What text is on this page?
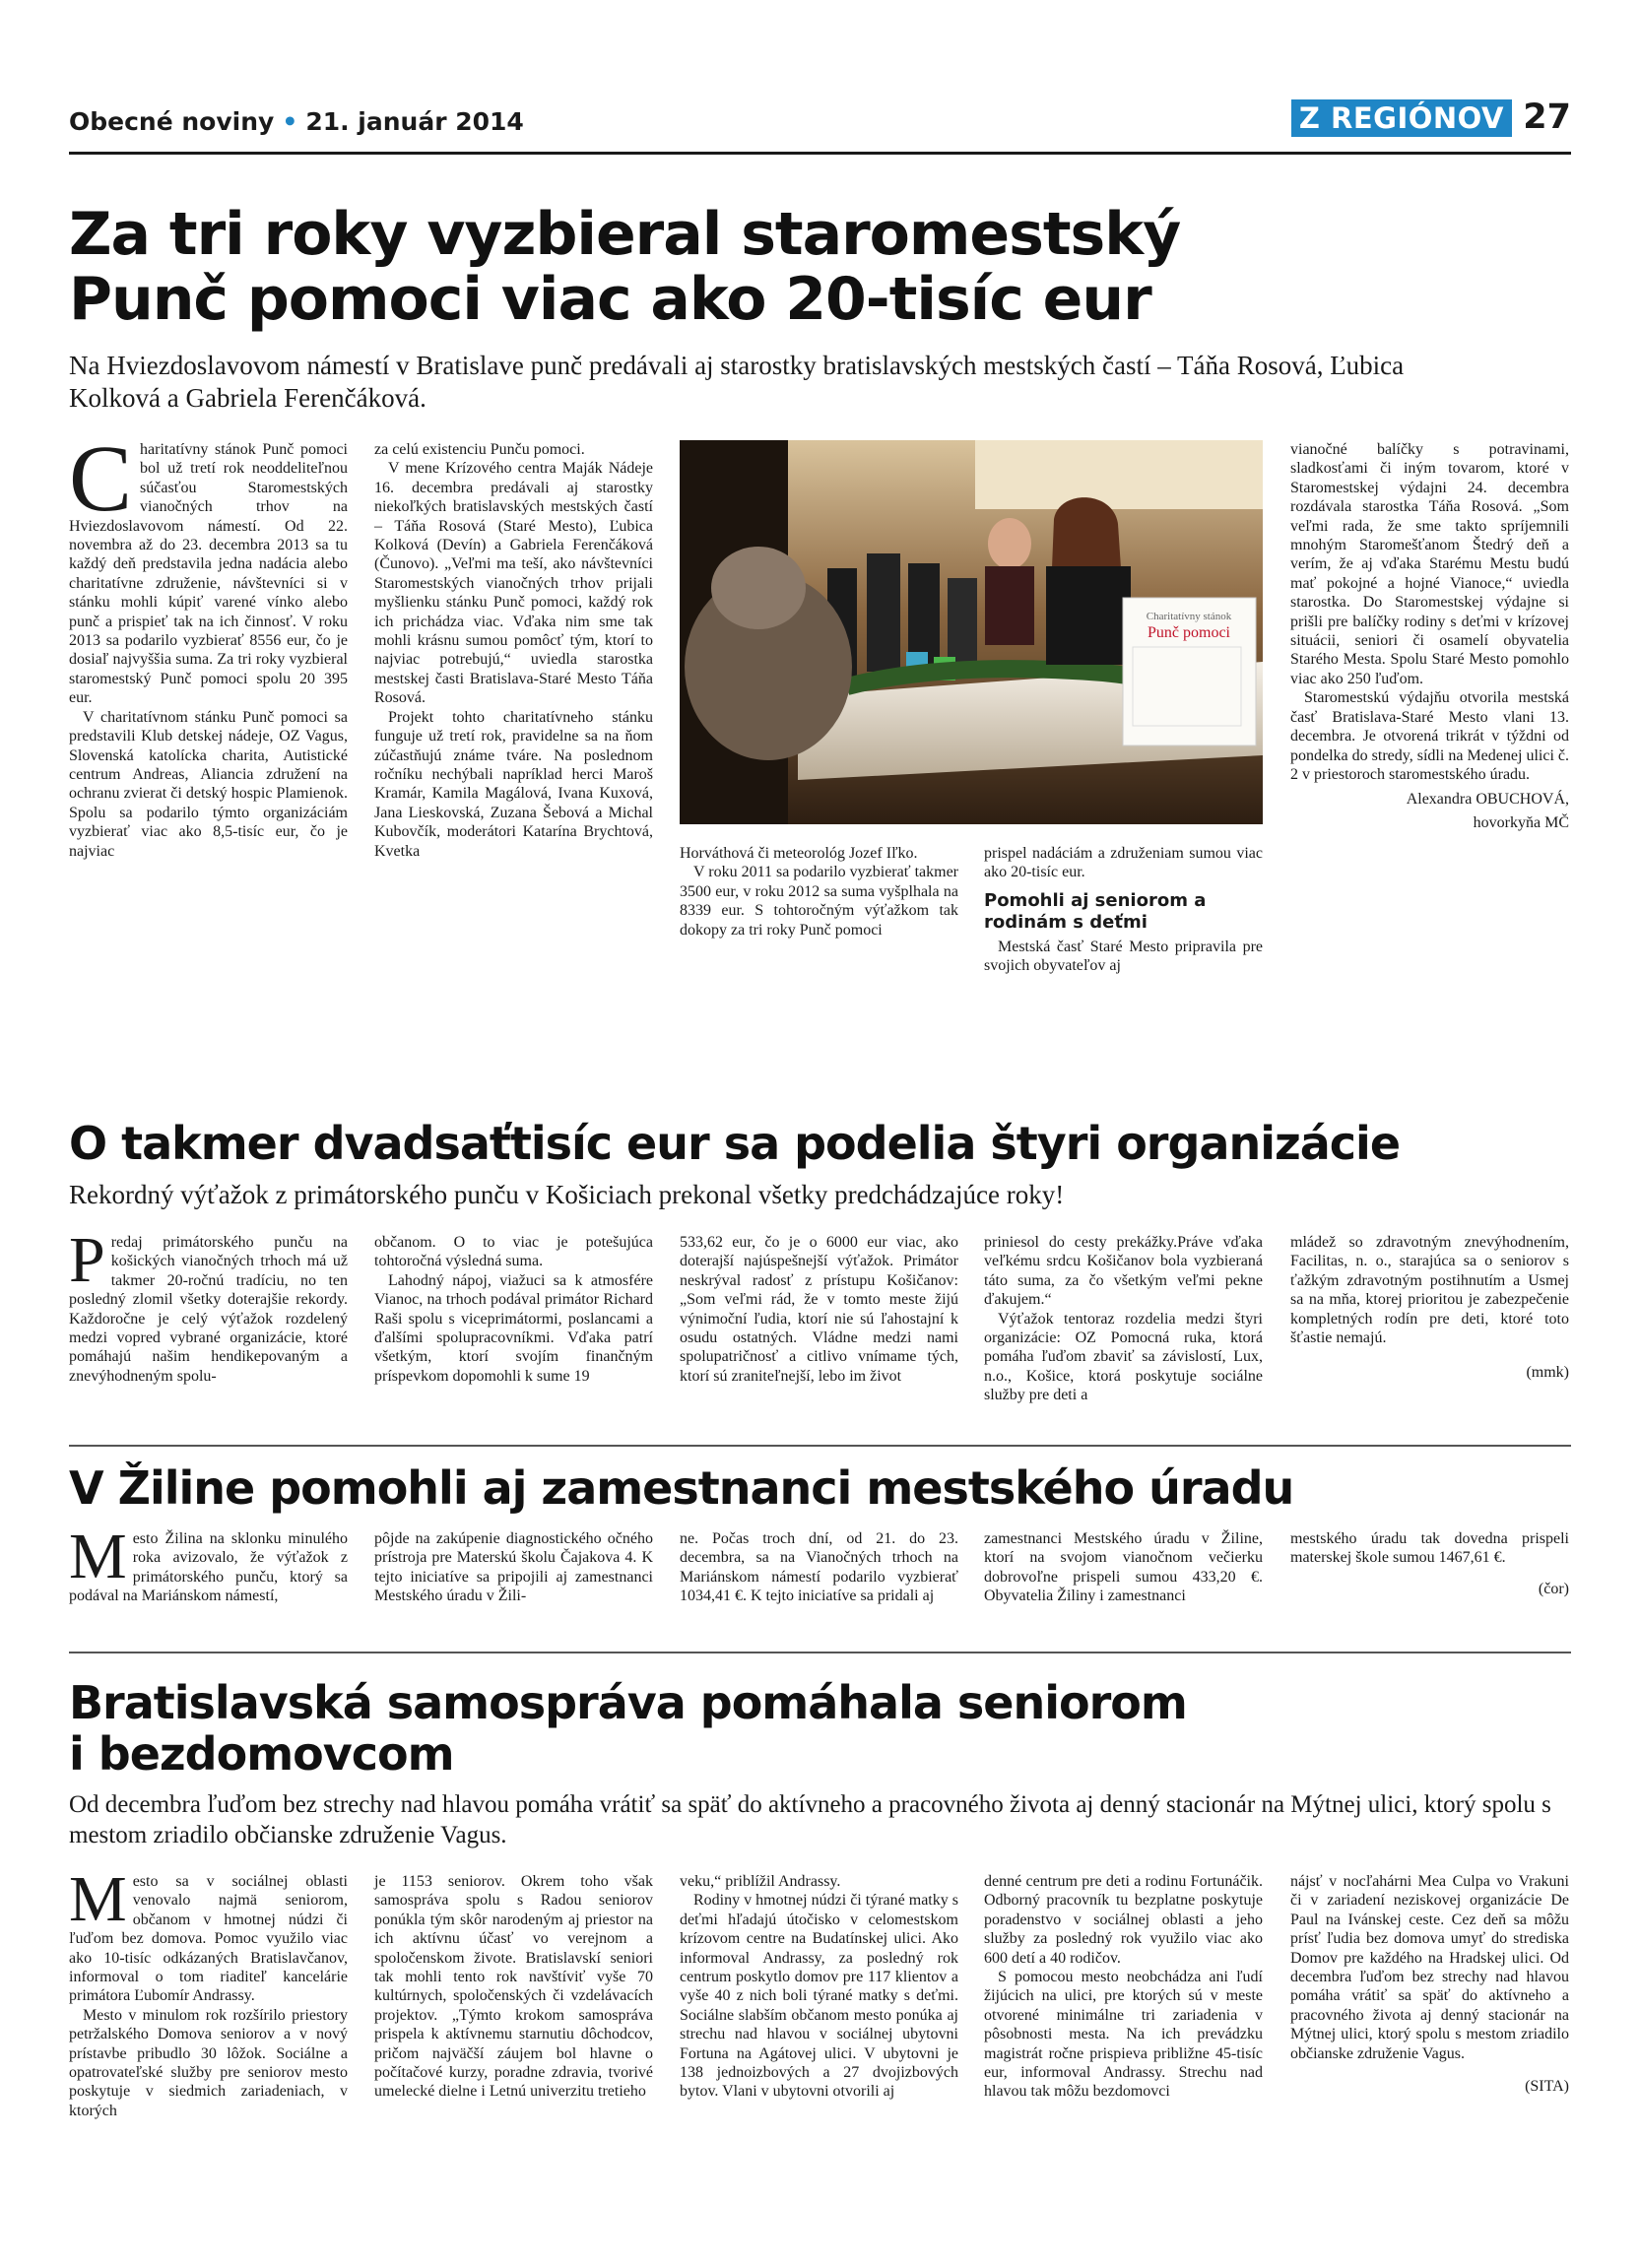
Obecné noviny • 21. január 2014	Z REGIÓNOV 27
Za tri roky vyzbieral staromestský
Punč pomoci viac ako 20-tisíc eur
Na Hviezdoslavovom námestí v Bratislave punč predávali aj starostky bratislavských mestských častí – Táňa Rosová, Ľubica Kolková a Gabriela Ferenčáková.

Charitatívny stánok Punč pomoci bol už tretí rok neoddeliteľnou súčasťou Staromestských vianočných trhov na Hviezdoslavovom námestí. Od 22. novembra až do 23. decembra 2013 sa tu každý deň predstavila jedna nadácia alebo charitatívne združenie, návštevníci si v stánku mohli kúpiť varené vínko alebo punč a prispieť tak na ich činnosť. V roku 2013 sa podarilo vyzbierať 8556 eur, čo je dosiaľ najvyššia suma. Za tri roky vyzbieral staromestský Punč pomoci spolu 20 395 eur.

V charitatívnom stánku Punč pomoci sa predstavili Klub detskej nádeje, OZ Vagus, Slovenská katolícka charita, Autistické centrum Andreas, Aliancia združení na ochranu zvierat či detský hospic Plamienok. Spolu sa podarilo týmto organizáciám vyzbierať viac ako 8,5-tisíc eur, čo je najviac

za celú existenciu Punču pomoci.

V mene Krízového centra Maják Nádeje 16. decembra predávali aj starostky niekoľkých bratislavských mestských častí – Táňa Rosová (Staré Mesto), Ľubica Kolková (Devín) a Gabriela Ferenčáková (Čunovo). „Veľmi ma teší, ako návštevníci Staromestských vianočných trhov prijali myšlienku stánku Punč pomoci, každý rok ich prichádza viac. Vďaka nim sme tak mohli krásnu sumou pomôcť tým, ktorí to najviac potrebujú,“ uviedla starostka mestskej časti Bratislava-Staré Mesto Táňa Rosová.

Projekt tohto charitatívneho stánku funguje už tretí rok, pravidelne sa na ňom zúčastňujú známe tváre. Na poslednom ročníku nechýbali napríklad herci Maroš Kramár, Kamila Magálová, Ivana Kuxová, Jana Lieskovská, Zuzana Šebová a Michal Kubovčík, moderátori Katarína Brychtová, Kvetka

Charitatívny stánok
Punč pomoci

Horváthová či meteorológ Jozef Iľko.

V roku 2011 sa podarilo vyzbierať takmer 3500 eur, v roku 2012 sa suma vyšplhala na 8339 eur. S tohtoročným výťažkom tak dokopy za tri roky Punč pomoci

prispel nadáciám a združeniam sumou viac ako 20-tisíc eur.

Pomohli aj seniorom a rodinám s deťmi

Mestská časť Staré Mesto pripravila pre svojich obyvateľov aj

vianočné balíčky s potravinami, sladkosťami či iným tovarom, ktoré v Staromestskej výdajni 24. decembra rozdávala starostka Táňa Rosová. „Som veľmi rada, že sme takto spríjemnili mnohým Staromešťanom Štedrý deň a verím, že aj vďaka Starému Mestu budú mať pokojné a hojné Vianoce,“ uviedla starostka. Do Staromestskej výdajne si prišli pre balíčky rodiny s deťmi v krízovej situácii, seniori či osamelí obyvatelia Starého Mesta. Spolu Staré Mesto pomohlo viac ako 250 ľuďom.

Staromestskú výdajňu otvorila mestská časť Bratislava-Staré Mesto vlani 13. decembra. Je otvorená trikrát v týždni od pondelka do stredy, sídli na Medenej ulici č. 2 v priestoroch staromestského úradu.

Alexandra OBUCHOVÁ,

hovorkyňa MČ

O takmer dvadsaťtisíc eur sa podelia štyri organizácie
Rekordný výťažok z primátorského punču v Košiciach prekonal všetky predchádzajúce roky!

Predaj primátorského punču na košických vianočných trhoch má už takmer 20-ročnú tradíciu, no ten posledný zlomil všetky doterajšie rekordy. Každoročne je celý výťažok rozdelený medzi vopred vybrané organizácie, ktoré pomáhajú našim hendikepovaným a znevýhodneným spolu-

občanom. O to viac je potešujúca tohtoročná výsledná suma.

Lahodný nápoj, viažuci sa k atmosfére Vianoc, na trhoch podával primátor Richard Raši spolu s viceprimátormi, poslancami a ďalšími spolupracovníkmi. Vďaka patrí všetkým, ktorí svojím finančným príspevkom dopomohli k sume 19

533,62 eur, čo je o 6000 eur viac, ako doterajší najúspešnejší výťažok. Primátor neskrýval radosť z prístupu Košičanov: „Som veľmi rád, že v tomto meste žijú výnimoční ľudia, ktorí nie sú ľahostajní k osudu ostatných. Vládne medzi nami spolupatričnosť a citlivo vnímame tých, ktorí sú zraniteľnejší, lebo im život

priniesol do cesty prekážky.Práve vďaka veľkému srdcu Košičanov bola vyzbieraná táto suma, za čo všetkým veľmi pekne ďakujem.“

Výťažok tentoraz rozdelia medzi štyri organizácie: OZ Pomocná ruka, ktorá pomáha ľuďom zbaviť sa závislostí, Lux, n.o., Košice, ktorá poskytuje sociálne služby pre deti a

mládež so zdravotným znevýhodnením, Facilitas, n. o., starajúca sa o seniorov s ťažkým zdravotným postihnutím a Usmej sa na mňa, ktorej prioritou je zabezpečenie kompletných rodín pre deti, ktoré toto šťastie nemajú.

(mmk)

V Žiline pomohli aj zamestnanci mestského úradu

Mesto Žilina na sklonku minulého roka avizovalo, že výťažok z primátorského punču, ktorý sa podával na Mariánskom námestí,

pôjde na zakúpenie diagnostického očného prístroja pre Materskú školu Čajakova 4. K tejto iniciatíve sa pripojili aj zamestnanci Mestského úradu v Žili-

ne. Počas troch dní, od 21. do 23. decembra, sa na Vianočných trhoch na Mariánskom námestí podarilo vyzbierať 1034,41 €. K tejto iniciatíve sa pridali aj

zamestnanci Mestského úradu v Žiline, ktorí na svojom vianočnom večierku dobrovoľne prispeli sumou 433,20 €. Obyvatelia Žiliny i zamestnanci

mestského úradu tak dovedna prispeli materskej škole sumou 1467,61 €.

(čor)

Bratislavská samospráva pomáhala seniorom
i bezdomovcom
Od decembra ľuďom bez strechy nad hlavou pomáha vrátiť sa späť do aktívneho a pracovného života aj denný stacionár na Mýtnej ulici, ktorý spolu s mestom zriadilo občianske združenie Vagus.

Mesto sa v sociálnej oblasti venovalo najmä seniorom, občanom v hmotnej núdzi či ľuďom bez domova. Pomoc využilo viac ako 10-tisíc odkázaných Bratislavčanov, informoval o tom riaditeľ kancelárie primátora Ľubomír Andrassy.

Mesto v minulom rok rozšírilo priestory petržalského Domova seniorov a v nový prístavbe pribudlo 30 lôžok. Sociálne a opatrovateľské služby pre seniorov mesto poskytuje v siedmich zariadeniach, v ktorých

je 1153 seniorov. Okrem toho však samospráva spolu s Radou seniorov ponúkla tým skôr narodeným aj priestor na ich aktívnu účasť vo verejnom a spoločenskom živote. Bratislavskí seniori tak mohli tento rok navštíviť vyše 70 kultúrnych, spoločenských či vzdelávacích projektov. „Týmto krokom samospráva prispela k aktívnemu starnutiu dôchodcov, pričom najväčší záujem bol hlavne o počítačové kurzy, poradne zdravia, tvorivé umelecké dielne i Letnú univerzitu tretieho

veku,“ priblížil Andrassy.

Rodiny v hmotnej núdzi či týrané matky s deťmi hľadajú útočisko v celomestskom krízovom centre na Budatínskej ulici. Ako informoval Andrassy, za posledný rok centrum poskytlo domov pre 117 klientov a vyše 40 z nich boli týrané matky s deťmi. Sociálne slabším občanom mesto ponúka aj strechu nad hlavou v sociálnej ubytovni Fortuna na Agátovej ulici. V ubytovni je 138 jednoizbových a 27 dvojizbových bytov. Vlani v ubytovni otvorili aj

denné centrum pre deti a rodinu Fortunáčik. Odborný pracovník tu bezplatne poskytuje poradenstvo v sociálnej oblasti a jeho služby za posledný rok využilo viac ako 600 detí a 40 rodičov.

S pomocou mesto neobchádza ani ľudí žijúcich na ulici, pre ktorých sú v meste otvorené minimálne tri zariadenia v pôsobnosti mesta. Na ich prevádzku magistrát ročne prispieva približne 45-tisíc eur, informoval Andrassy. Strechu nad hlavou tak môžu bezdomovci

nájsť v nocľahárni Mea Culpa vo Vrakuni či v zariadení neziskovej organizácie De Paul na Ivánskej ceste. Cez deň sa môžu prísť ľudia bez domova umyť do strediska Domov pre každého na Hradskej ulici. Od decembra ľuďom bez strechy nad hlavou pomáha vrátiť sa späť do aktívneho a pracovného života aj denný stacionár na Mýtnej ulici, ktorý spolu s mestom zriadilo občianske združenie Vagus.

(SITA)
